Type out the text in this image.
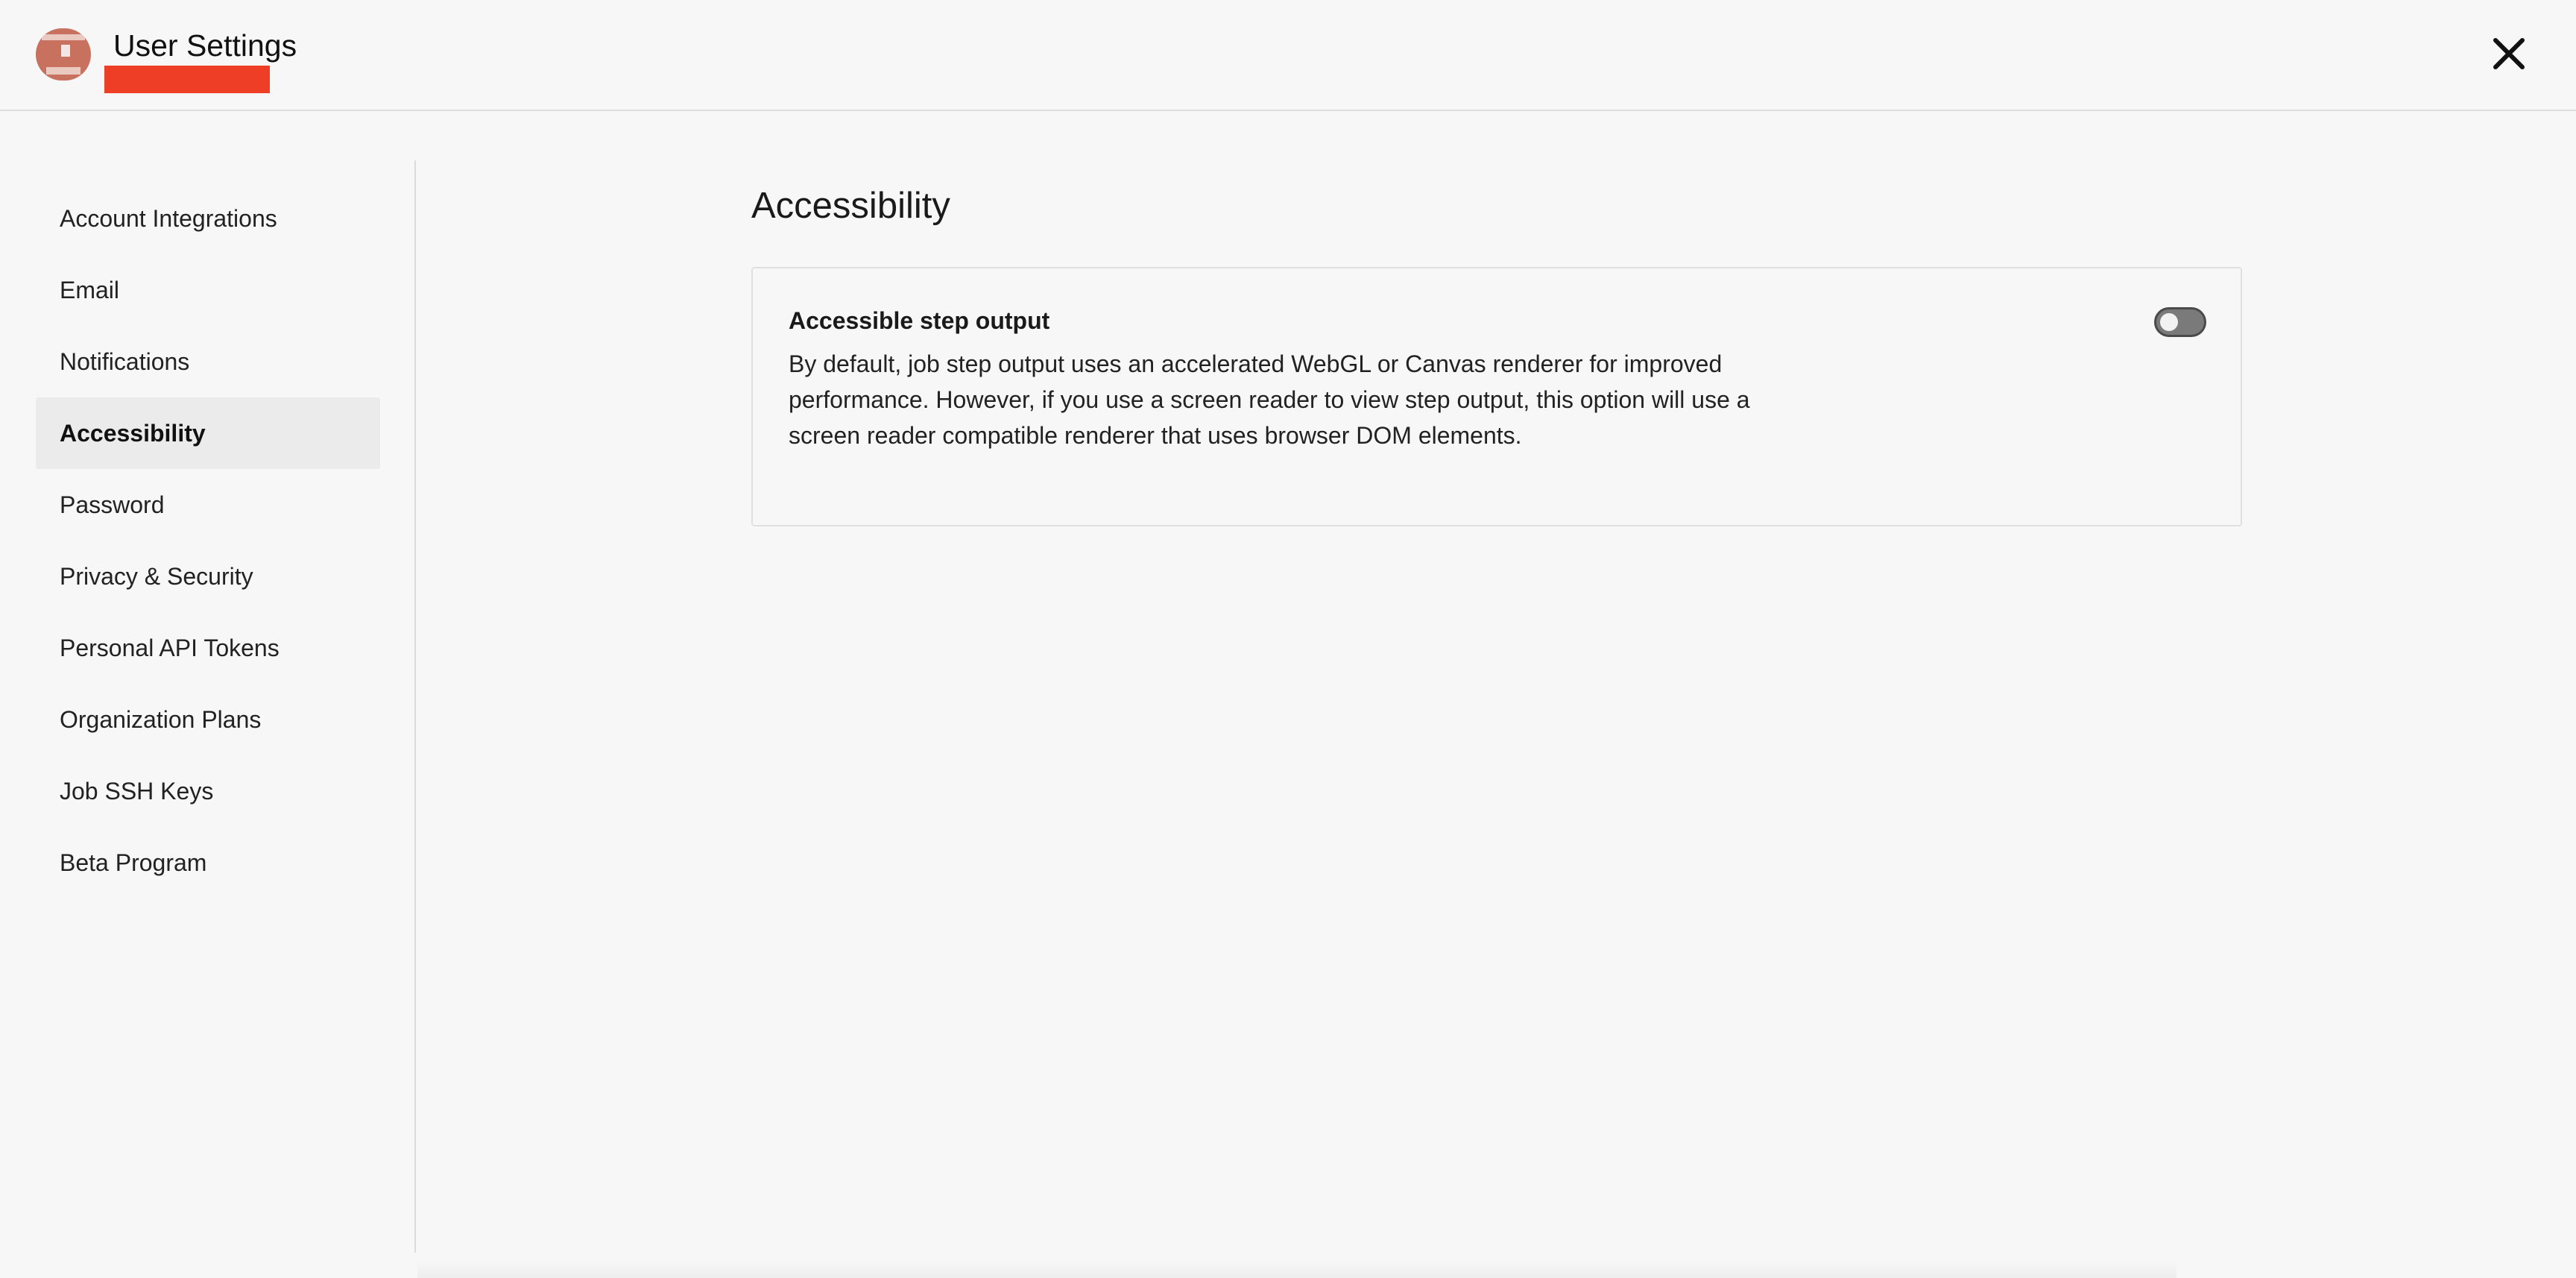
User Settings
Account Integrations
Email
Notifications
Accessibility
Password
Privacy & Security
Personal API Tokens
Organization Plans
Job SSH Keys
Beta Program
Accessibility
Accessible step output
By default, job step output uses an accelerated WebGL or Canvas renderer for improved performance. However, if you use a screen reader to view step output, this option will use a screen reader compatible renderer that uses browser DOM elements.
